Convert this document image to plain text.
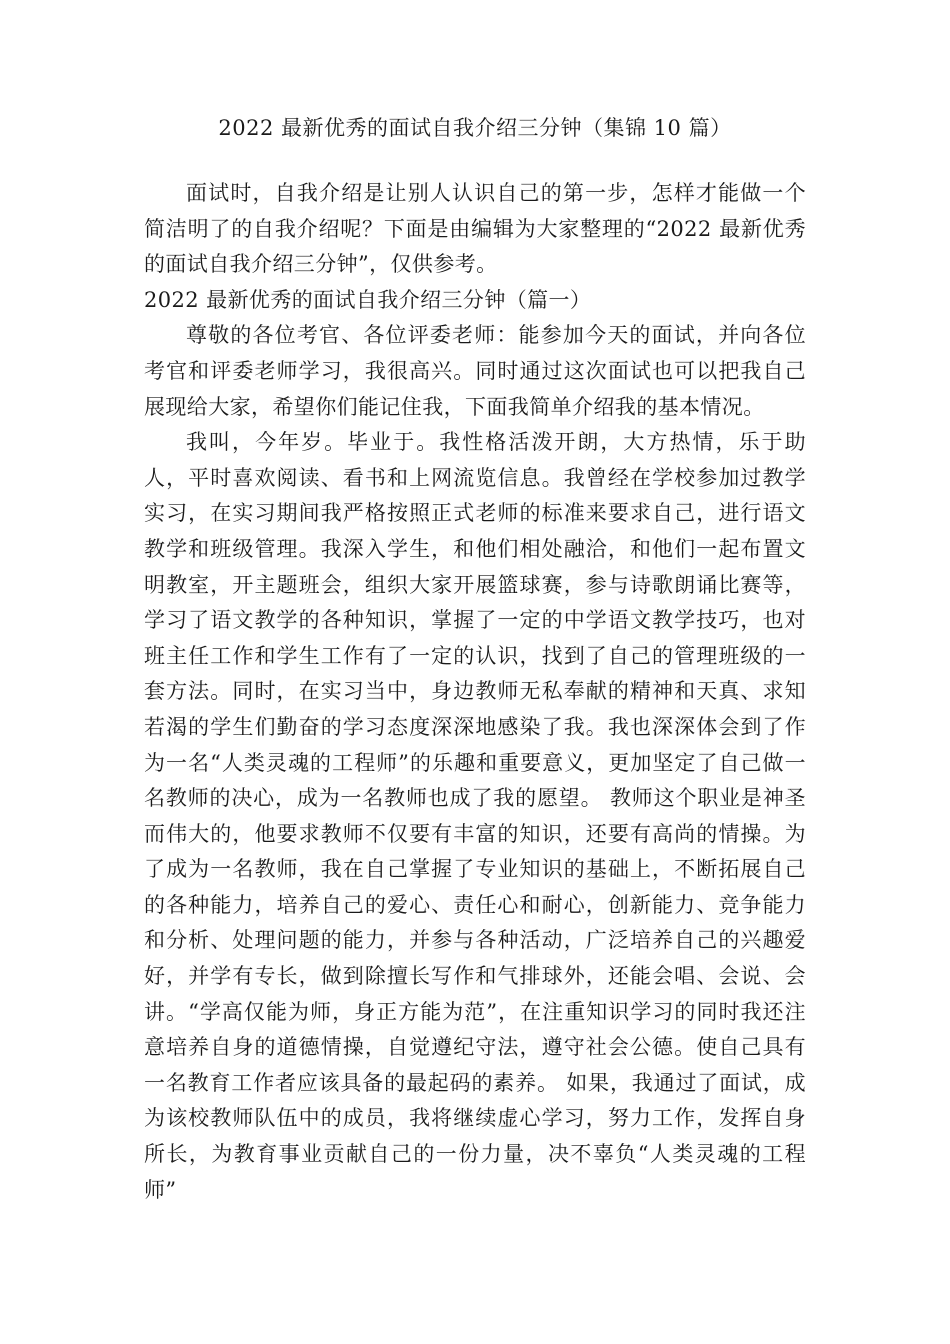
2022 最新优秀的面试自我介绍三分钟（集锦 10 篇）

面试时，自我介绍是让别人认识自己的第一步，怎样才能做一个简洁明了的自我介绍呢？下面是由编辑为大家整理的“2022 最新优秀的面试自我介绍三分钟”，仅供参考。

2022 最新优秀的面试自我介绍三分钟（篇一）

尊敬的各位考官、各位评委老师：能参加今天的面试，并向各位考官和评委老师学习，我很高兴。同时通过这次面试也可以把我自己展现给大家，希望你们能记住我，下面我简单介绍我的基本情况。

我叫，今年岁。毕业于。我性格活泼开朗，大方热情，乐于助人，平时喜欢阅读、看书和上网流览信息。我曾经在学校参加过教学实习，在实习期间我严格按照正式老师的标准来要求自己，进行语文教学和班级管理。我深入学生，和他们相处融洽，和他们一起布置文明教室，开主题班会，组织大家开展篮球赛，参与诗歌朗诵比赛等，学习了语文教学的各种知识，掌握了一定的中学语文教学技巧，也对班主任工作和学生工作有了一定的认识，找到了自己的管理班级的一套方法。同时，在实习当中，身边教师无私奉献的精神和天真、求知若渴的学生们勤奋的学习态度深深地感染了我。我也深深体会到了作为一名“人类灵魂的工程师”的乐趣和重要意义，更加坚定了自己做一名教师的决心，成为一名教师也成了我的愿望。 教师这个职业是神圣而伟大的，他要求教师不仅要有丰富的知识，还要有高尚的情操。为了成为一名教师，我在自己掌握了专业知识的基础上，不断拓展自己的各种能力，培养自己的爱心、责任心和耐心，创新能力、竞争能力和分析、处理问题的能力，并参与各种活动，广泛培养自己的兴趣爱好，并学有专长，做到除擅长写作和气排球外，还能会唱、会说、会讲。“学高仅能为师，身正方能为范”，在注重知识学习的同时我还注意培养自身的道德情操，自觉遵纪守法，遵守社会公德。使自己具有一名教育工作者应该具备的最起码的素养。 如果，我通过了面试，成为该校教师队伍中的成员，我将继续虚心学习，努力工作，发挥自身所长，为教育事业贡献自己的一份力量，决不辜负“人类灵魂的工程师”
